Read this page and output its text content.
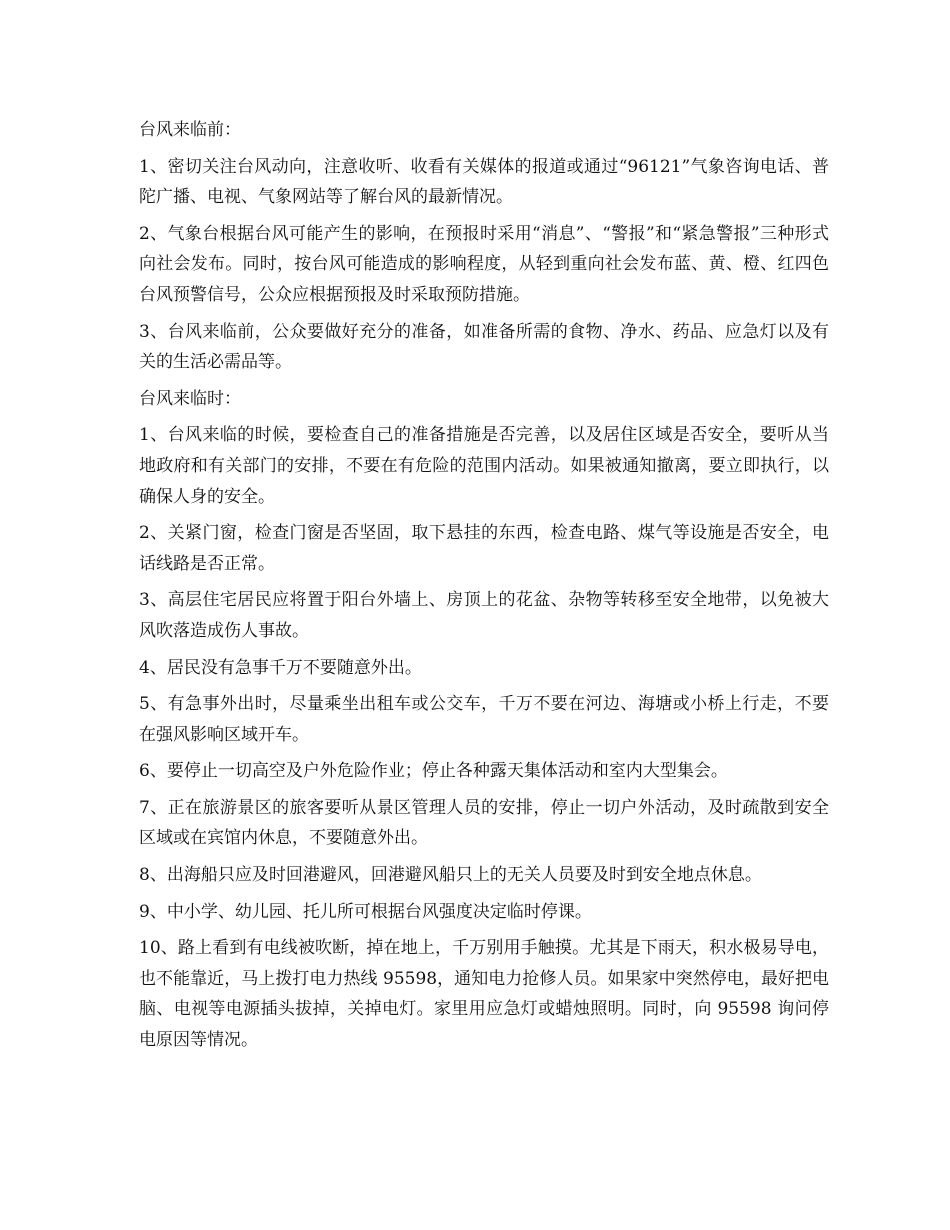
台风来临前：

1、密切关注台风动向，注意收听、收看有关媒体的报道或通过“96121”气象咨询电话、普陀广播、电视、气象网站等了解台风的最新情况。

2、气象台根据台风可能产生的影响，在预报时采用“消息”、“警报”和“紧急警报”三种形式向社会发布。同时，按台风可能造成的影响程度，从轻到重向社会发布蓝、黄、橙、红四色台风预警信号，公众应根据预报及时采取预防措施。

3、台风来临前，公众要做好充分的准备，如准备所需的食物、净水、药品、应急灯以及有关的生活必需品等。

台风来临时：

1、台风来临的时候，要检查自己的准备措施是否完善，以及居住区域是否安全，要听从当地政府和有关部门的安排，不要在有危险的范围内活动。如果被通知撤离，要立即执行，以确保人身的安全。

2、关紧门窗，检查门窗是否坚固，取下悬挂的东西，检查电路、煤气等设施是否安全，电话线路是否正常。

3、高层住宅居民应将置于阳台外墙上、房顶上的花盆、杂物等转移至安全地带，以免被大风吹落造成伤人事故。

4、居民没有急事千万不要随意外出。

5、有急事外出时，尽量乘坐出租车或公交车，千万不要在河边、海塘或小桥上行走，不要在强风影响区域开车。

6、要停止一切高空及户外危险作业；停止各种露天集体活动和室内大型集会。

7、正在旅游景区的旅客要听从景区管理人员的安排，停止一切户外活动，及时疏散到安全区域或在宾馆内休息，不要随意外出。

8、出海船只应及时回港避风，回港避风船只上的无关人员要及时到安全地点休息。

9、中小学、幼儿园、托儿所可根据台风强度决定临时停课。

10、路上看到有电线被吹断，掉在地上，千万别用手触摸。尤其是下雨天，积水极易导电，也不能靠近，马上拨打电力热线 95598，通知电力抢修人员。如果家中突然停电，最好把电脑、电视等电源插头拔掉，关掉电灯。家里用应急灯或蜡烛照明。同时，向 95598 询问停电原因等情况。
